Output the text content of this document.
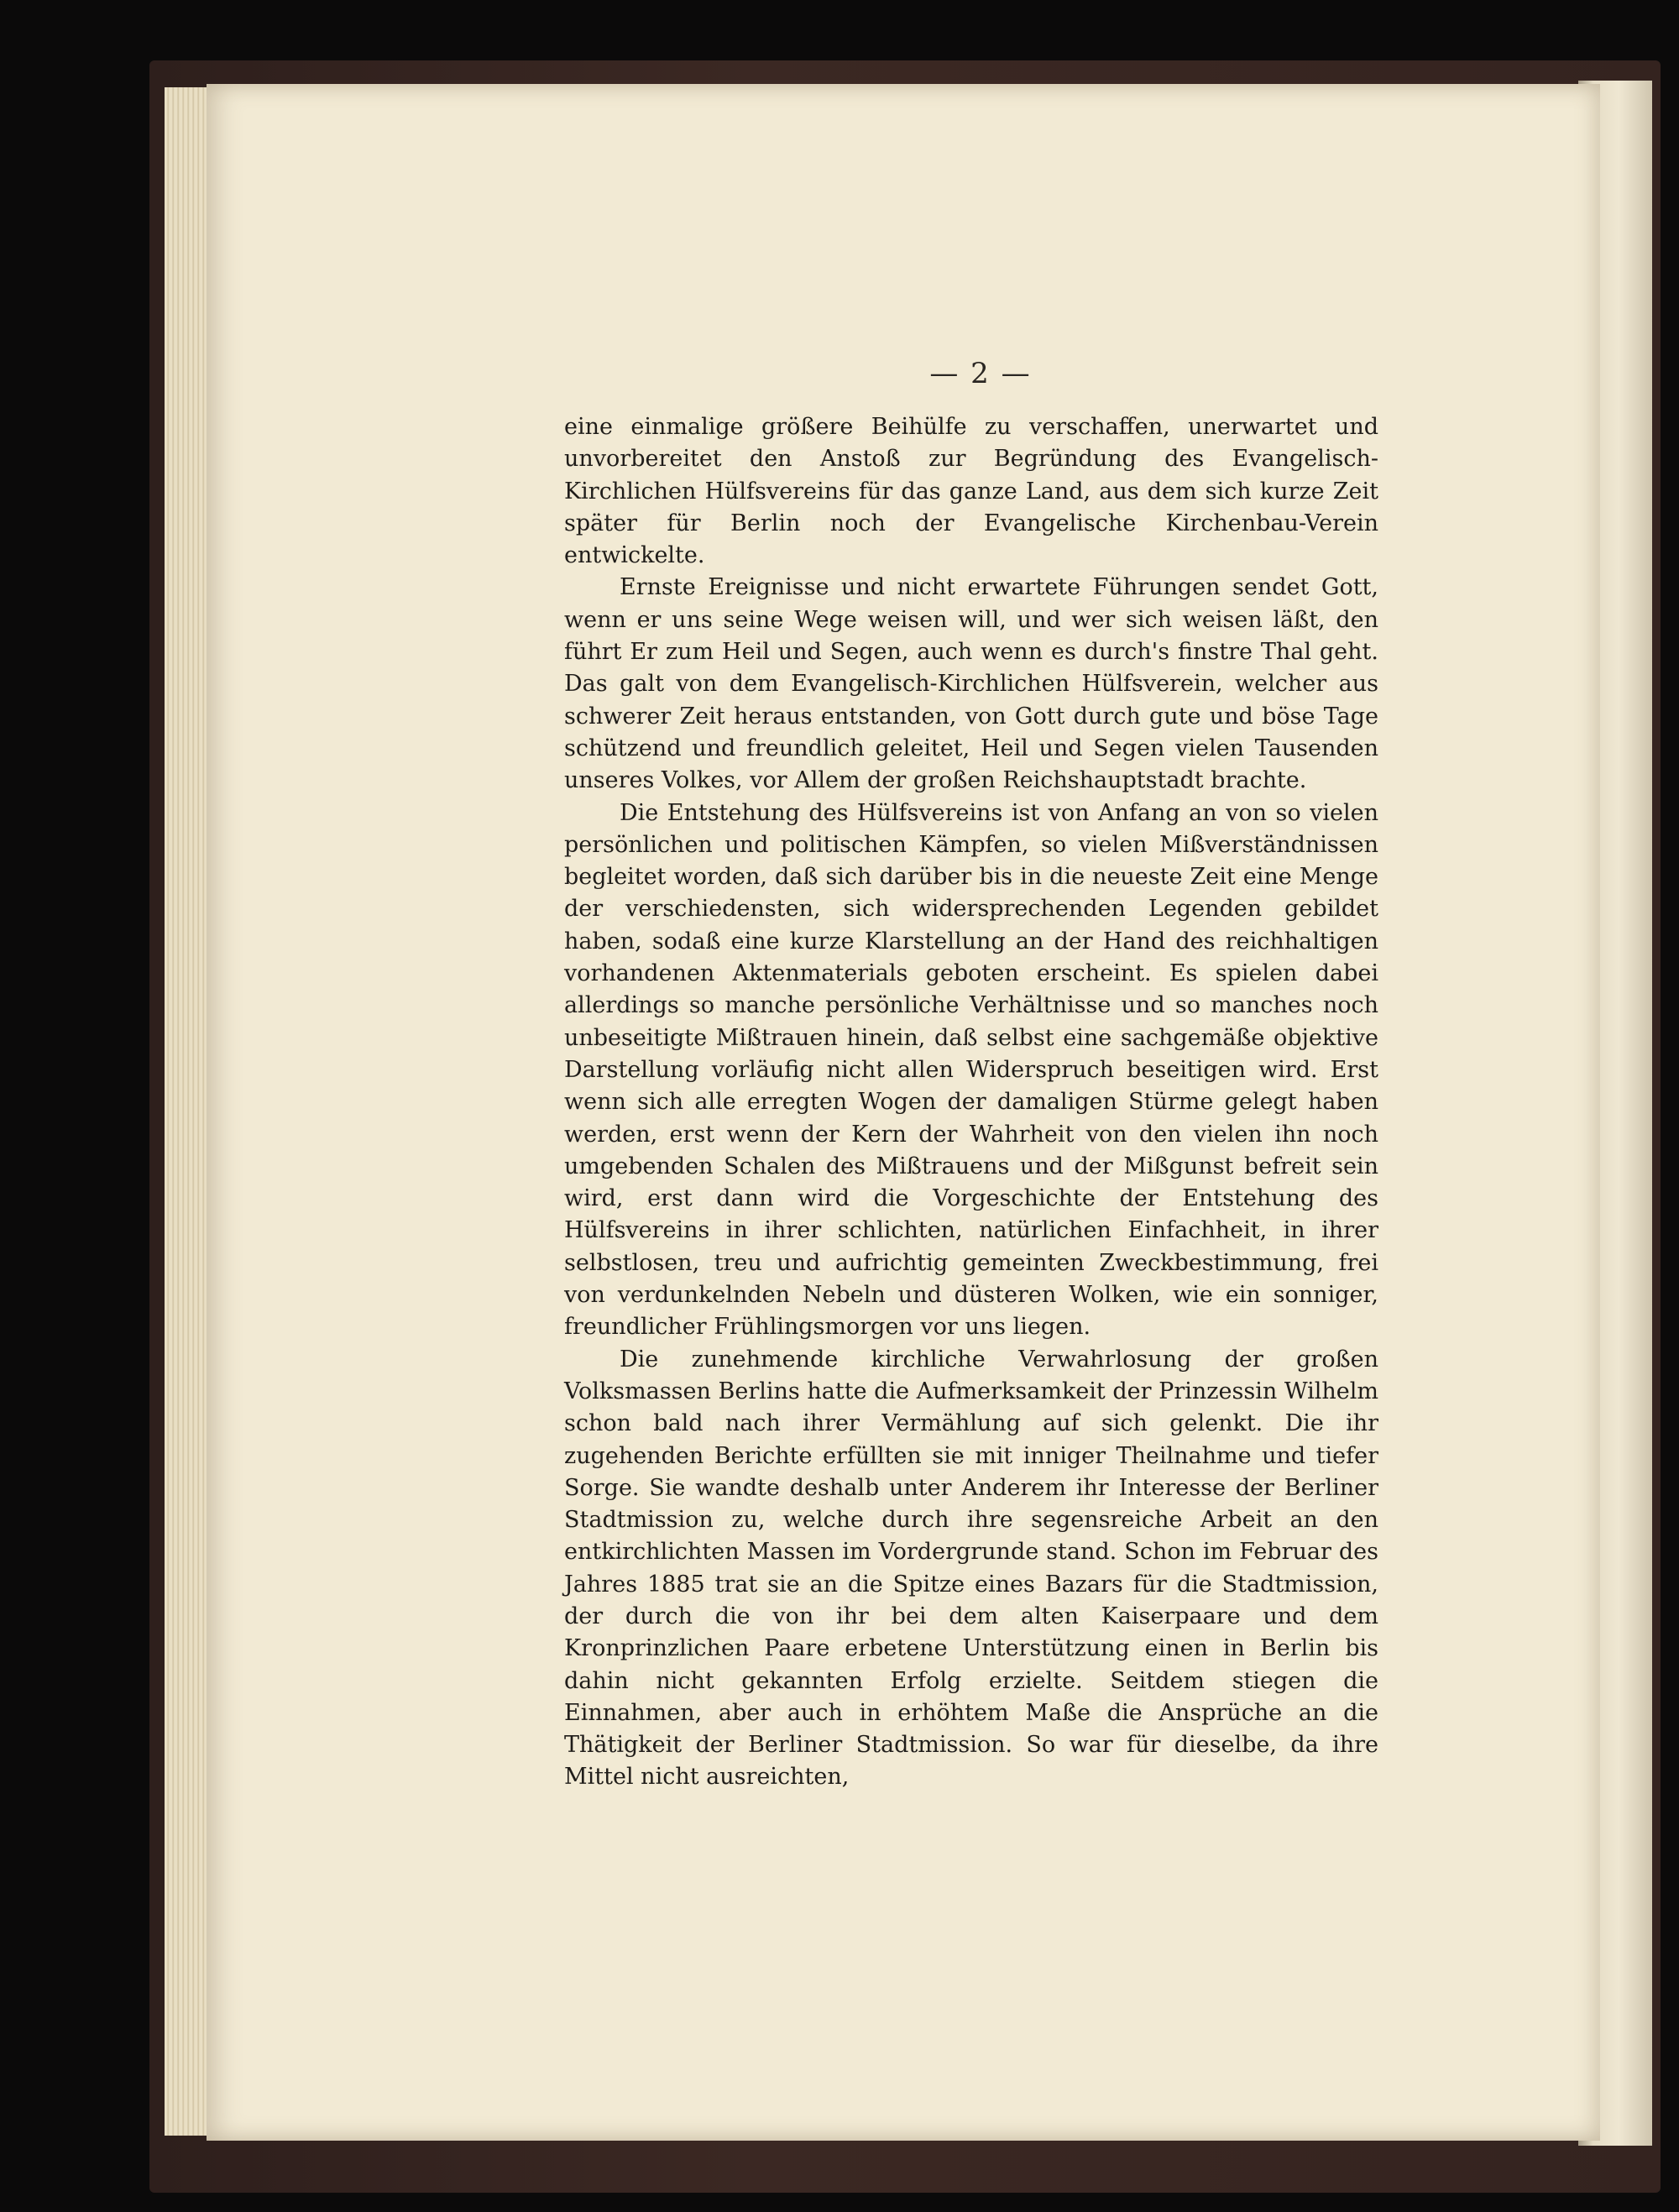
— 2 —

eine einmalige größere Beihülfe zu verschaffen, unerwartet und unvorbereitet den Anstoß zur Begründung des Evangelisch-Kirchlichen Hülfsvereins für das ganze Land, aus dem sich kurze Zeit später für Berlin noch der Evangelische Kirchenbau-Verein entwickelte.

Ernste Ereignisse und nicht erwartete Führungen sendet Gott, wenn er uns seine Wege weisen will, und wer sich weisen läßt, den führt Er zum Heil und Segen, auch wenn es durch's finstre Thal geht. Das galt von dem Evangelisch-Kirchlichen Hülfsverein, welcher aus schwerer Zeit heraus entstanden, von Gott durch gute und böse Tage schützend und freundlich geleitet, Heil und Segen vielen Tausenden unseres Volkes, vor Allem der großen Reichshauptstadt brachte.

Die Entstehung des Hülfsvereins ist von Anfang an von so vielen persönlichen und politischen Kämpfen, so vielen Mißverständnissen begleitet worden, daß sich darüber bis in die neueste Zeit eine Menge der verschiedensten, sich widersprechenden Legenden gebildet haben, sodaß eine kurze Klarstellung an der Hand des reichhaltigen vorhandenen Aktenmaterials geboten erscheint. Es spielen dabei allerdings so manche persönliche Verhältnisse und so manches noch unbeseitigte Mißtrauen hinein, daß selbst eine sachgemäße objektive Darstellung vorläufig nicht allen Widerspruch beseitigen wird. Erst wenn sich alle erregten Wogen der damaligen Stürme gelegt haben werden, erst wenn der Kern der Wahrheit von den vielen ihn noch umgebenden Schalen des Mißtrauens und der Mißgunst befreit sein wird, erst dann wird die Vorgeschichte der Entstehung des Hülfsvereins in ihrer schlichten, natürlichen Einfachheit, in ihrer selbstlosen, treu und aufrichtig gemeinten Zweckbestimmung, frei von verdunkelnden Nebeln und düsteren Wolken, wie ein sonniger, freundlicher Frühlingsmorgen vor uns liegen.

Die zunehmende kirchliche Verwahrlosung der großen Volksmassen Berlins hatte die Aufmerksamkeit der Prinzessin Wilhelm schon bald nach ihrer Vermählung auf sich gelenkt. Die ihr zugehenden Berichte erfüllten sie mit inniger Theilnahme und tiefer Sorge. Sie wandte deshalb unter Anderem ihr Interesse der Berliner Stadtmission zu, welche durch ihre segensreiche Arbeit an den entkirchlichten Massen im Vordergrunde stand. Schon im Februar des Jahres 1885 trat sie an die Spitze eines Bazars für die Stadtmission, der durch die von ihr bei dem alten Kaiserpaare und dem Kronprinzlichen Paare erbetene Unterstützung einen in Berlin bis dahin nicht gekannten Erfolg erzielte. Seitdem stiegen die Einnahmen, aber auch in erhöhtem Maße die Ansprüche an die Thätigkeit der Berliner Stadtmission. So war für dieselbe, da ihre Mittel nicht ausreichten,
